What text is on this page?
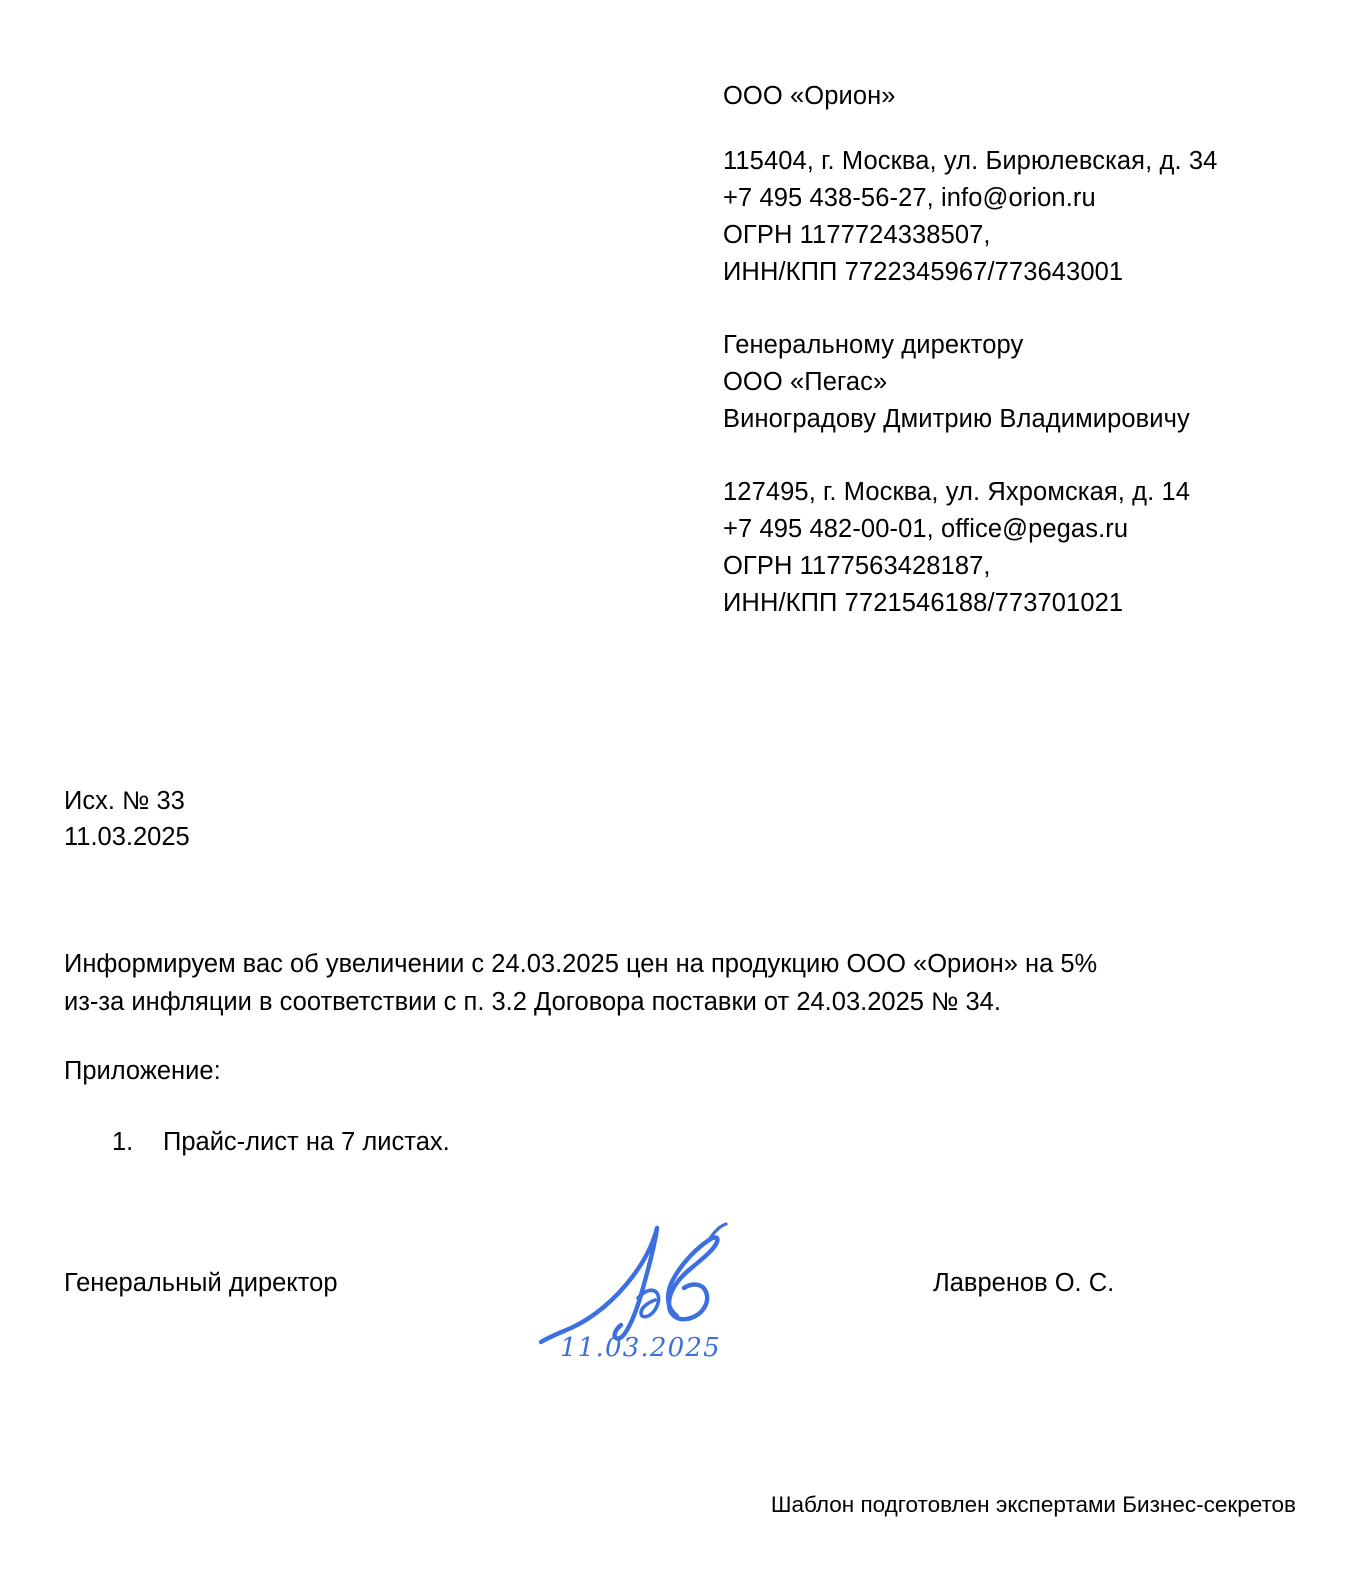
ООО «Орион»
115404, г. Москва, ул. Бирюлевская, д. 34
+7 495 438-56-27, info@orion.ru
ОГРН 1177724338507,
ИНН/КПП 7722345967/773643001
Генеральному директору
ООО «Пегас»
Виноградову Дмитрию Владимировичу
127495, г. Москва, ул. Яхромская, д. 14
+7 495 482-00-01, office@pegas.ru
ОГРН 1177563428187,
ИНН/КПП 7721546188/773701021
Исх. № 33
11.03.2025
Информируем вас об увеличении с 24.03.2025 цен на продукцию ООО «Орион» на 5%
из-за инфляции в соответствии с п. 3.2 Договора поставки от 24.03.2025 № 34.
Приложение:
1.	Прайс-лист на 7 листах.
Генеральный директор	Лавренов О. С.
11.03.2025
Шаблон подготовлен экспертами Бизнес-секретов
